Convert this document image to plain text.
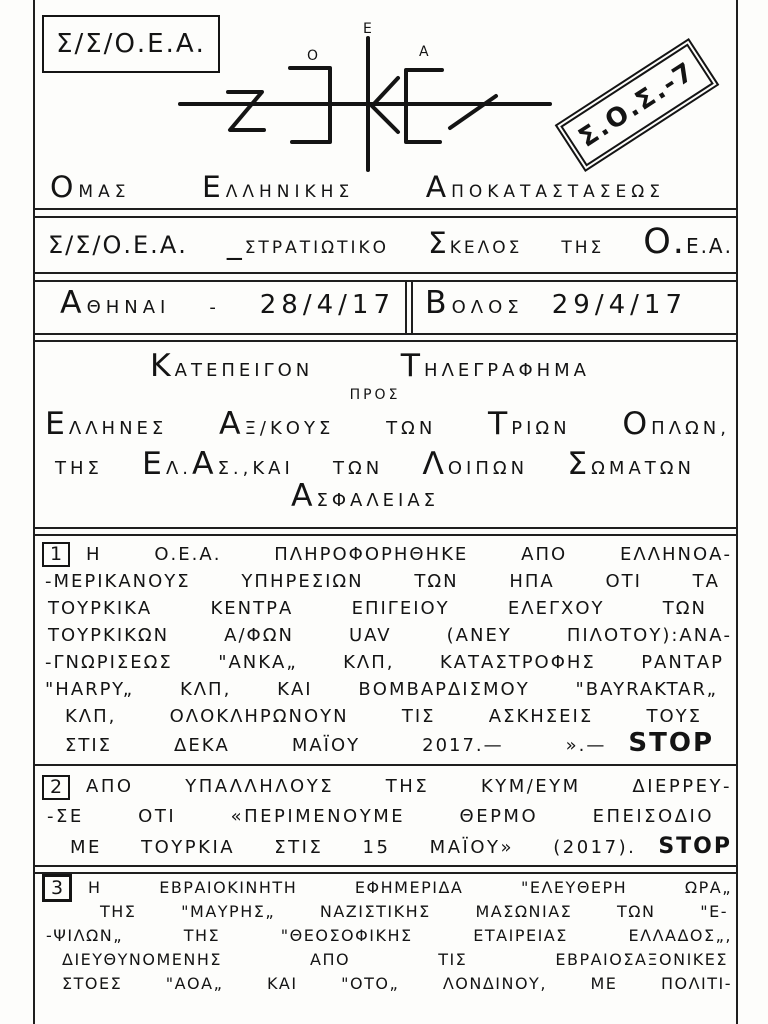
Σ/Σ/Ο.Ε.Α.	Ο
Ε
Α
Σ.Ο.Σ.-7
ΟΜΑΣ	ΕΛΛΗΝΙΚΗΣ	ΑΠΟΚΑΤΑΣΤΑΣΕΩΣ
Σ/Σ/Ο.Ε.Α. _ΣΤΡΑΤΙΩΤΙΚΟ ΣΚΕΛΟΣ ΤΗΣ Ο.Ε.Α.
ΑΘΗΝΑΙ - 28/4/17 ΒΟΛΟΣ 29/4/17
ΚΑΤΕΠΕΙΓΟΝ	ΤΗΛΕΓΡΑΦΗΜΑ
ΠΡΟΣ
ΕΛΛΗΝΕΣ	ΑΞ/ΚΟΥΣ	ΤΩΝ	ΤΡΙΩΝ	ΟΠΛΩΝ,
ΤΗΣ ΕΛ.ΑΣ.,ΚΑΙ ΤΩΝ ΛΟΙΠΩΝ ΣΩΜΑΤΩΝ
ΑΣΦΑΛΕΙΑΣ
1	Η Ο.Ε.Α. ΠΛΗΡΟΦΟΡΗΘΗΚΕ ΑΠΟ ΕΛΛΗΝΟΑ-
-ΜΕΡΙΚΑΝΟΥΣ ΥΠΗΡΕΣΙΩΝ ΤΩΝ ΗΠΑ ΟΤΙ ΤΑ
ΤΟΥΡΚΙΚΑ ΚΕΝΤΡΑ ΕΠΙΓΕΙΟΥ ΕΛΕΓΧΟΥ ΤΩΝ
ΤΟΥΡΚΙΚΩΝ Α/ΦΩΝ UAV (ΑΝΕΥ ΠΙΛΟΤΟΥ):ΑΝΑ-
-ΓΝΩΡΙΣΕΩΣ "ΑΝΚΑ„ ΚΛΠ, ΚΑΤΑΣΤΡΟΦΗΣ ΡΑΝΤΑΡ
"HARPY„ ΚΛΠ, ΚΑΙ ΒΟΜΒΑΡΔΙΣΜΟΥ "BAYRAKTAR„
ΚΛΠ, ΟΛΟΚΛΗΡΩΝΟΥΝ ΤΙΣ ΑΣΚΗΣΕΙΣ ΤΟΥΣ
ΣΤΙΣ ΔΕΚΑ ΜΑΪΟΥ 2017.— ».— STOP
2	ΑΠΟ ΥΠΑΛΛΗΛΟΥΣ ΤΗΣ ΚΥΜ/ΕΥΜ ΔΙΕΡΡΕΥ-
-ΣΕ ΟΤΙ «ΠΕΡΙΜΕΝΟΥΜΕ ΘΕΡΜΟ ΕΠΕΙΣΟΔΙΟ
ΜΕ ΤΟΥΡΚΙΑ ΣΤΙΣ 15 ΜΑΪΟΥ» (2017). STOP
3	Η ΕΒΡΑΙΟΚΙΝΗΤΗ ΕΦΗΜΕΡΙΔΑ "ΕΛΕΥΘΕΡΗ ΩΡΑ„
ΤΗΣ "ΜΑΥΡΗΣ„ ΝΑΖΙΣΤΙΚΗΣ ΜΑΣΩΝΙΑΣ ΤΩΝ "Ε-
-ΨΙΛΩΝ„ ΤΗΣ "ΘΕΟΣΟΦΙΚΗΣ ΕΤΑΙΡΕΙΑΣ ΕΛΛΑΔΟΣ„,
ΔΙΕΥΘΥΝΟΜΕΝΗΣ ΑΠΟ ΤΙΣ ΕΒΡΑΙΟΣΑΞΟΝΙΚΕΣ
ΣΤΟΕΣ "ΑΟΑ„ ΚΑΙ "ΟΤΟ„ ΛΟΝΔΙΝΟΥ, ΜΕ ΠΟΛΙΤΙ-
